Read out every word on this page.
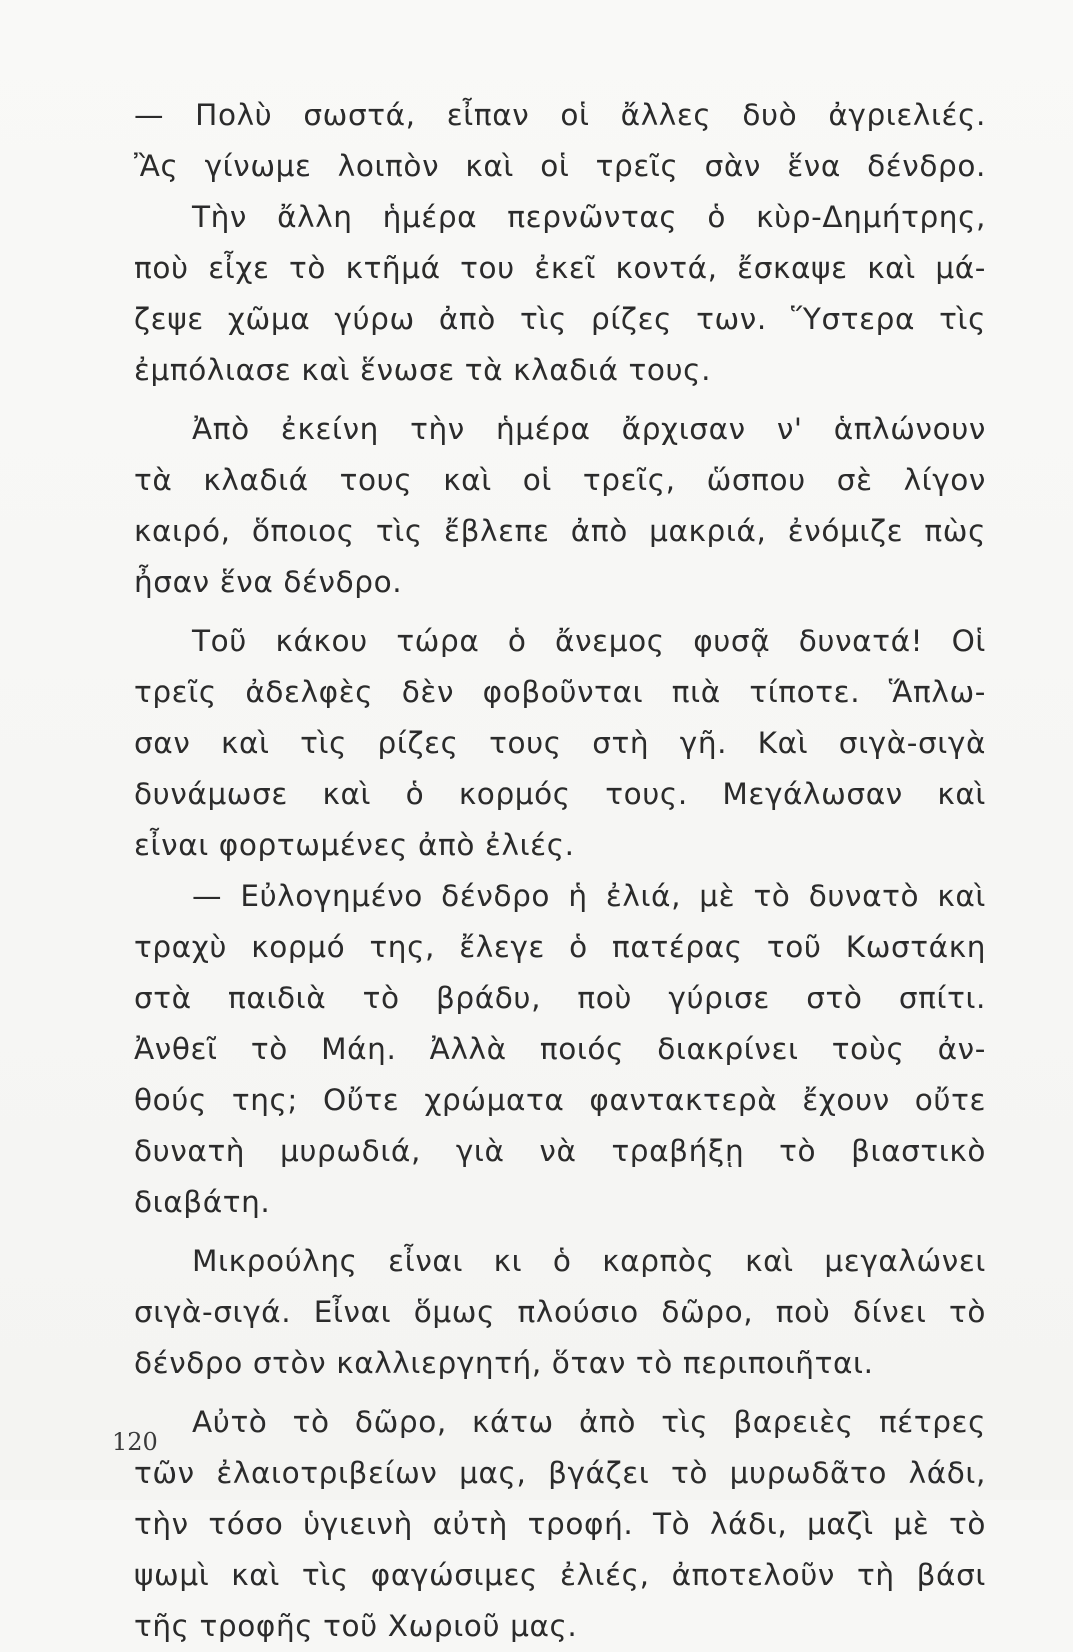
— Πολὺ σωστά, εἶπαν οἱ ἄλλες δυὸ ἀγριελιές.
Ἂς γίνωμε λοιπὸν καὶ οἱ τρεῖς σὰν ἕνα δένδρο.
Τὴν ἄλλη ἡμέρα περνῶντας ὁ κὺρ-Δημήτρης,
ποὺ εἶχε τὸ κτῆμά του ἐκεῖ κοντά, ἔσκαψε καὶ μά-
ζεψε χῶμα γύρω ἀπὸ τὶς ρίζες των. Ὕστερα τὶς
ἐμπόλιασε καὶ ἕνωσε τὰ κλαδιά τους.
Ἀπὸ ἐκείνη τὴν ἡμέρα ἄρχισαν ν' ἁπλώνουν
τὰ κλαδιά τους καὶ οἱ τρεῖς, ὥσπου σὲ λίγον
καιρό, ὅποιος τὶς ἔβλεπε ἀπὸ μακριά, ἐνόμιζε πὼς
ἦσαν ἕνα δένδρο.
Τοῦ κάκου τώρα ὁ ἄνεμος φυσᾷ δυνατά! Οἱ
τρεῖς ἀδελφὲς δὲν φοβοῦνται πιὰ τίποτε. Ἅπλω-
σαν καὶ τὶς ρίζες τους στὴ γῆ. Καὶ σιγὰ-σιγὰ
δυνάμωσε καὶ ὁ κορμός τους. Μεγάλωσαν καὶ
εἶναι φορτωμένες ἀπὸ ἐλιές.
— Εὐλογημένο δένδρο ἡ ἐλιά, μὲ τὸ δυνατὸ καὶ
τραχὺ κορμό της, ἔλεγε ὁ πατέρας τοῦ Κωστάκη
στὰ παιδιὰ τὸ βράδυ, ποὺ γύρισε στὸ σπίτι.
Ἀνθεῖ τὸ Μάη. Ἀλλὰ ποιός διακρίνει τοὺς ἀν-
θούς της; Οὔτε χρώματα φαντακτερὰ ἔχουν οὔτε
δυνατὴ μυρωδιά, γιὰ νὰ τραβήξῃ τὸ βιαστικὸ
διαβάτη.
Μικρούλης εἶναι κι ὁ καρπὸς καὶ μεγαλώνει
σιγὰ-σιγά. Εἶναι ὅμως πλούσιο δῶρο, ποὺ δίνει τὸ
δένδρο στὸν καλλιεργητή, ὅταν τὸ περιποιῆται.
Αὐτὸ τὸ δῶρο, κάτω ἀπὸ τὶς βαρειὲς πέτρες
τῶν ἐλαιοτριβείων μας, βγάζει τὸ μυρωδᾶτο λάδι,
τὴν τόσο ὑγιεινὴ αὐτὴ τροφή. Τὸ λάδι, μαζὶ μὲ τὸ
ψωμὶ καὶ τὶς φαγώσιμες ἐλιές, ἀποτελοῦν τὴ βάσι
τῆς τροφῆς τοῦ Χωριοῦ μας.
120
